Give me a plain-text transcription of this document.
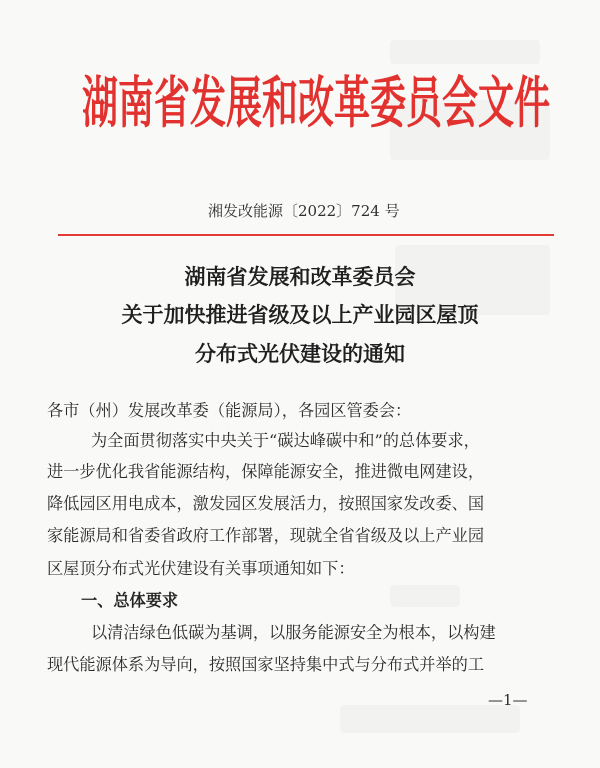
湖南省发展和改革委员会文件
湘发改能源〔2022〕724 号
湖南省发展和改革委员会
关于加快推进省级及以上产业园区屋顶
分布式光伏建设的通知
各市（州）发展改革委（能源局），各园区管委会：
为全面贯彻落实中央关于“碳达峰碳中和”的总体要求，
进一步优化我省能源结构，保障能源安全，推进微电网建设，
降低园区用电成本，激发园区发展活力，按照国家发改委、国
家能源局和省委省政府工作部署，现就全省省级及以上产业园
区屋顶分布式光伏建设有关事项通知如下：
一、总体要求
以清洁绿色低碳为基调，以服务能源安全为根本，以构建
现代能源体系为导向，按照国家坚持集中式与分布式并举的工
—1—
